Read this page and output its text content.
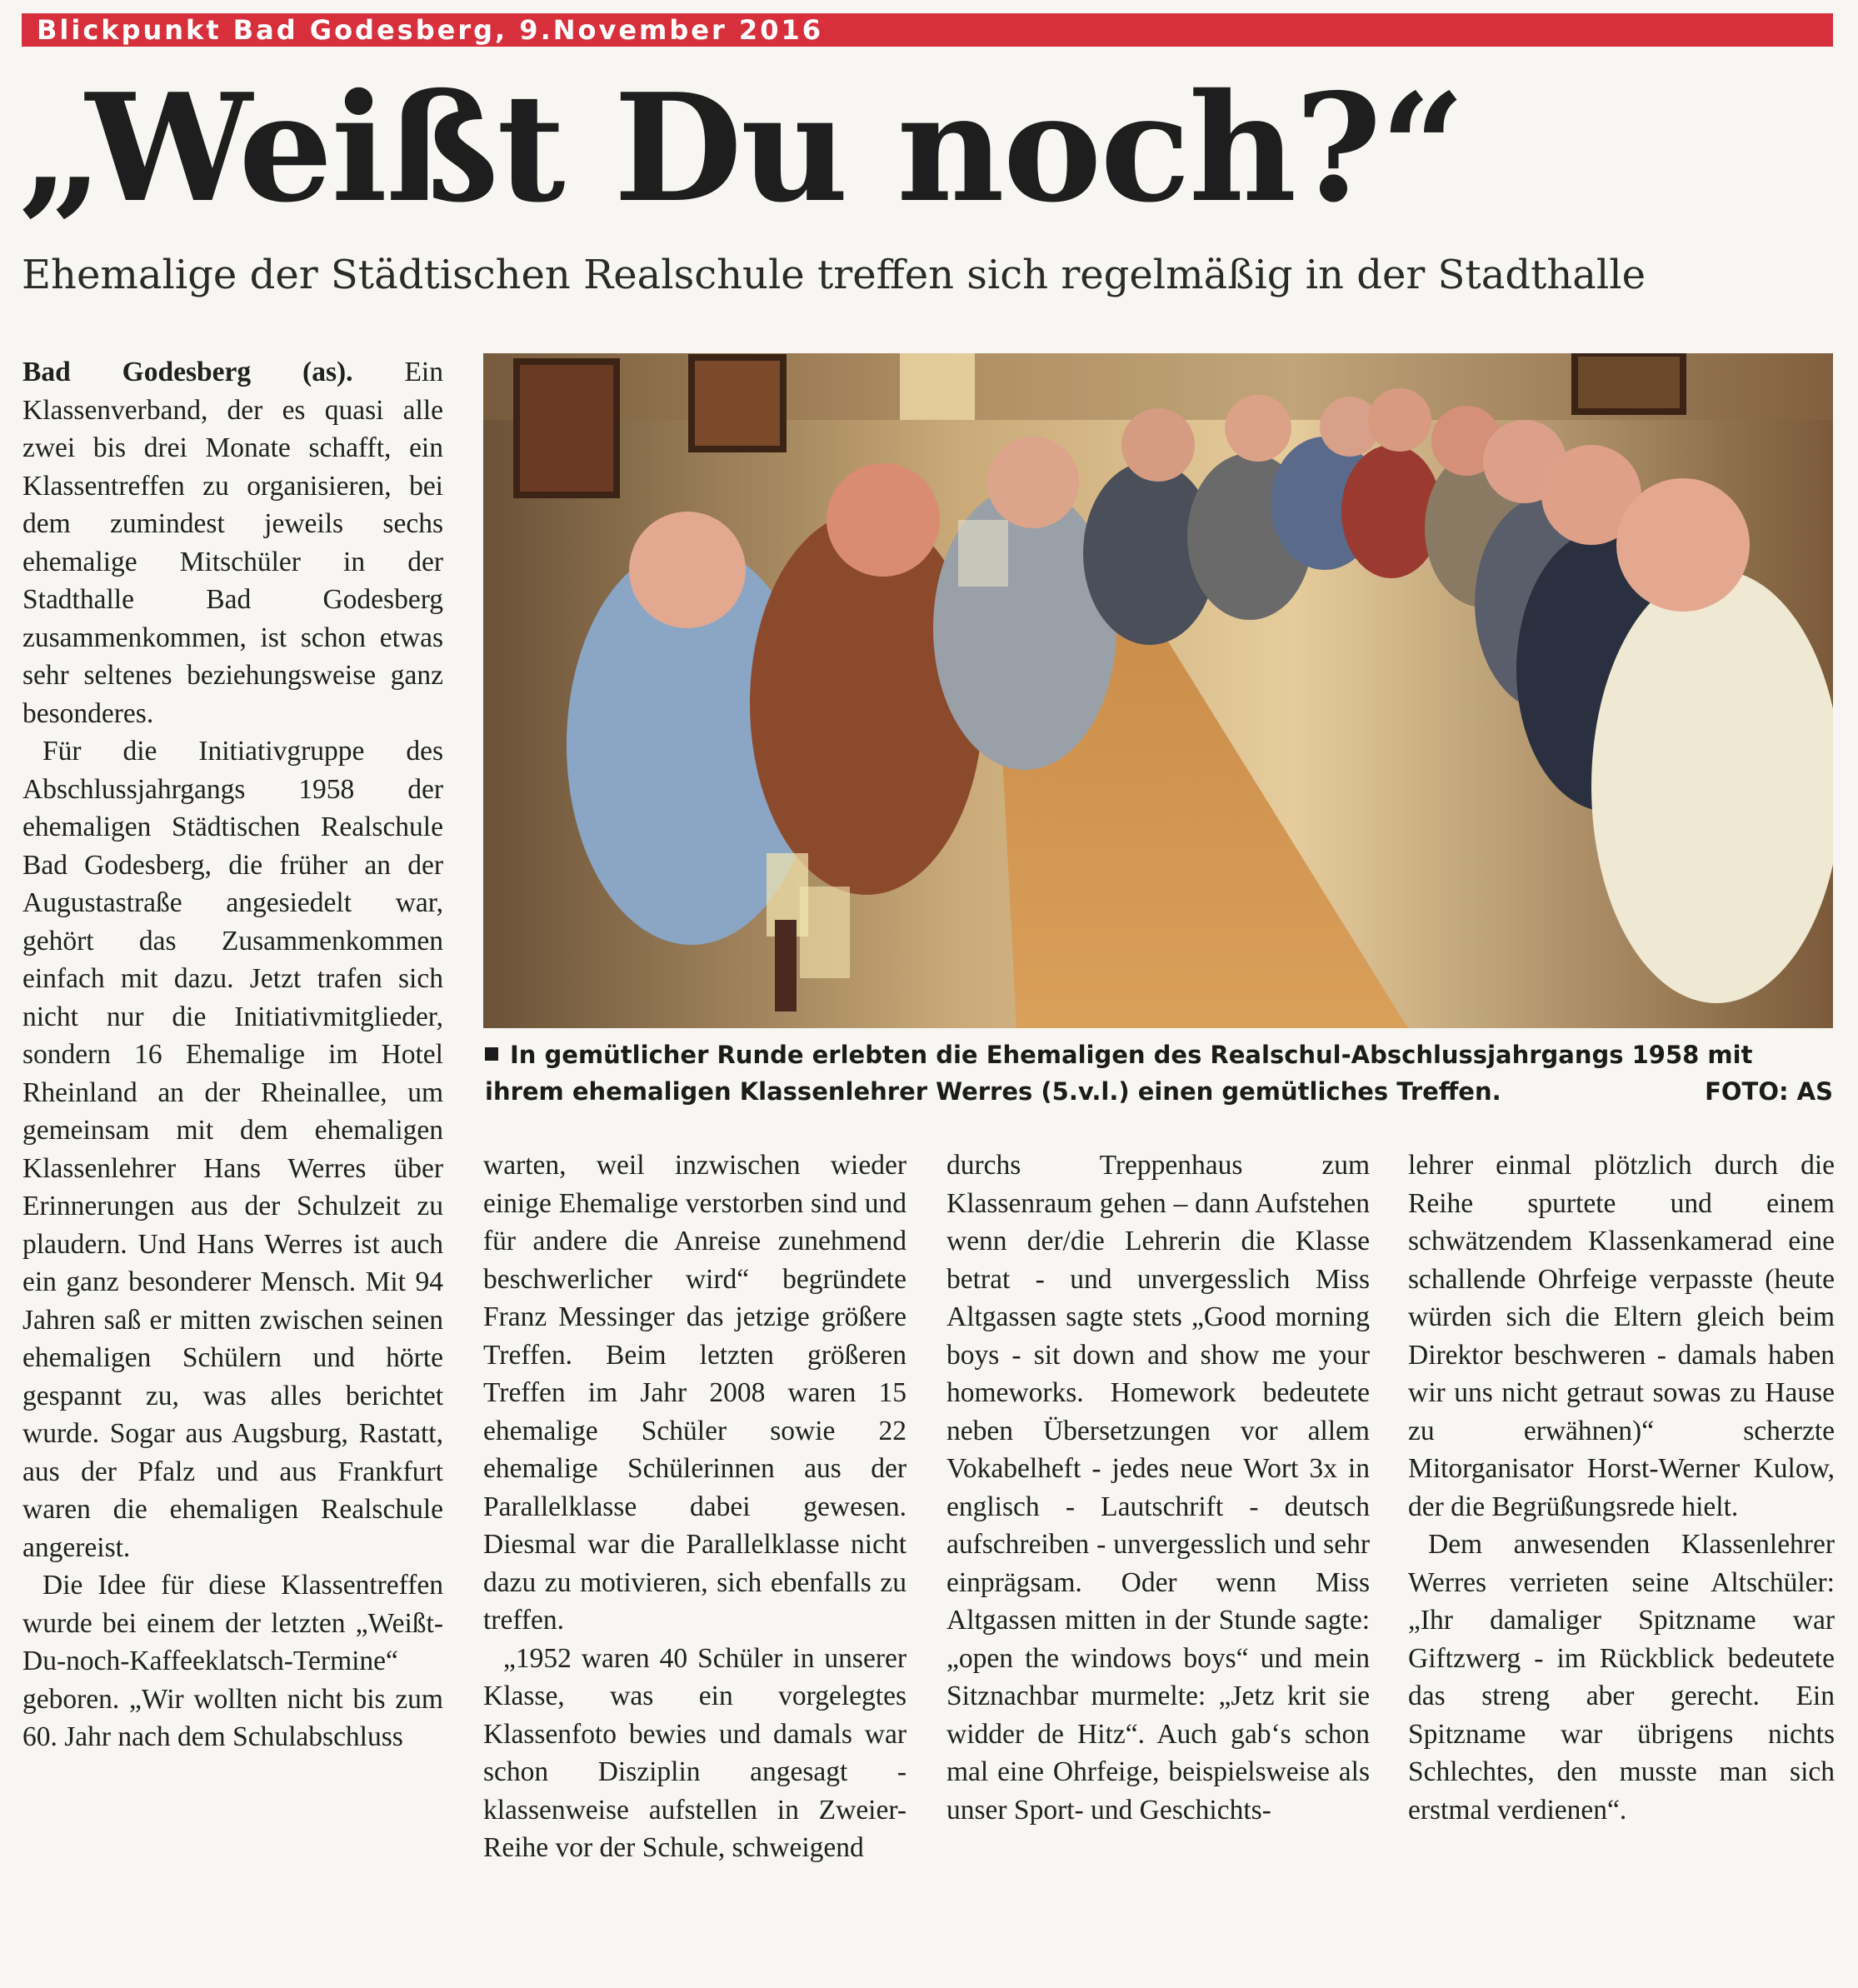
Blickpunkt Bad Godesberg, 9.November 2016
„Weißt Du noch?“
Ehemalige der Städtischen Realschule treffen sich regelmäßig in der Stadthalle

Bad Godesberg (as). Ein Klassenverband, der es quasi alle zwei bis drei Monate schafft, ein Klassentreffen zu organisieren, bei dem zumindest jeweils sechs ehemalige Mitschüler in der Stadthalle Bad Godesberg zusammenkommen, ist schon etwas sehr seltenes beziehungsweise ganz besonderes.

Für die Initiativgruppe des Abschlussjahrgangs 1958 der ehemaligen Städtischen Realschule Bad Godesberg, die früher an der Augustastraße angesiedelt war, gehört das Zusammenkommen einfach mit dazu. Jetzt trafen sich nicht nur die Initiativmitglieder, sondern 16 Ehemalige im Hotel Rheinland an der Rheinallee, um gemeinsam mit dem ehemaligen Klassenlehrer Hans Werres über Erinnerungen aus der Schulzeit zu plaudern. Und Hans Werres ist auch ein ganz besonderer Mensch. Mit 94 Jahren saß er mitten zwischen seinen ehemaligen Schülern und hörte gespannt zu, was alles berichtet wurde. Sogar aus Augsburg, Rastatt, aus der Pfalz und aus Frankfurt waren die ehemaligen Realschule angereist.

Die Idee für diese Klassentreffen wurde bei einem der letzten „Weißt-Du-noch-Kaffeeklatsch-Termine“ geboren. „Wir wollten nicht bis zum 60. Jahr nach dem Schulabschluss

In gemütlicher Runde erlebten die Ehemaligen des Realschul-Abschlussjahrgangs 1958 mit ihrem ehemaligen Klassenlehrer Werres (5.v.l.) einen gemütliches Treffen.	FOTO: AS

warten, weil inzwischen wieder einige Ehemalige verstorben sind und für andere die Anreise zunehmend beschwerlicher wird“ begründete Franz Messinger das jetzige größere Treffen. Beim letzten größeren Treffen im Jahr 2008 waren 15 ehemalige Schüler sowie 22 ehemalige Schülerinnen aus der Parallelklasse dabei gewesen. Diesmal war die Parallelklasse nicht dazu zu motivieren, sich ebenfalls zu treffen.

„1952 waren 40 Schüler in unserer Klasse, was ein vorgelegtes Klassenfoto bewies und damals war schon Disziplin angesagt - klassenweise aufstellen in Zweier-Reihe vor der Schule, schweigend

durchs Treppenhaus zum Klassenraum gehen – dann Aufstehen wenn der/die Lehrerin die Klasse betrat - und unvergesslich Miss Altgassen sagte stets „Good morning boys - sit down and show me your homeworks. Homework bedeutete neben Übersetzungen vor allem Vokabelheft - jedes neue Wort 3x in englisch - Lautschrift - deutsch aufschreiben - unvergesslich und sehr einprägsam. Oder wenn Miss Altgassen mitten in der Stunde sagte: „open the windows boys“ und mein Sitznachbar murmelte: „Jetz krit sie widder de Hitz“. Auch gab‘s schon mal eine Ohrfeige, beispielsweise als unser Sport- und Geschichts-

lehrer einmal plötzlich durch die Reihe spurtete und einem schwätzendem Klassenkamerad eine schallende Ohrfeige verpasste (heute würden sich die Eltern gleich beim Direktor beschweren - damals haben wir uns nicht getraut sowas zu Hause zu erwähnen)“ scherzte Mitorganisator Horst-Werner Kulow, der die Begrüßungsrede hielt.

Dem anwesenden Klassenlehrer Werres verrieten seine Altschüler: „Ihr damaliger Spitzname war Giftzwerg - im Rückblick bedeutete das streng aber gerecht. Ein Spitzname war übrigens nichts Schlechtes, den musste man sich erstmal verdienen“.
